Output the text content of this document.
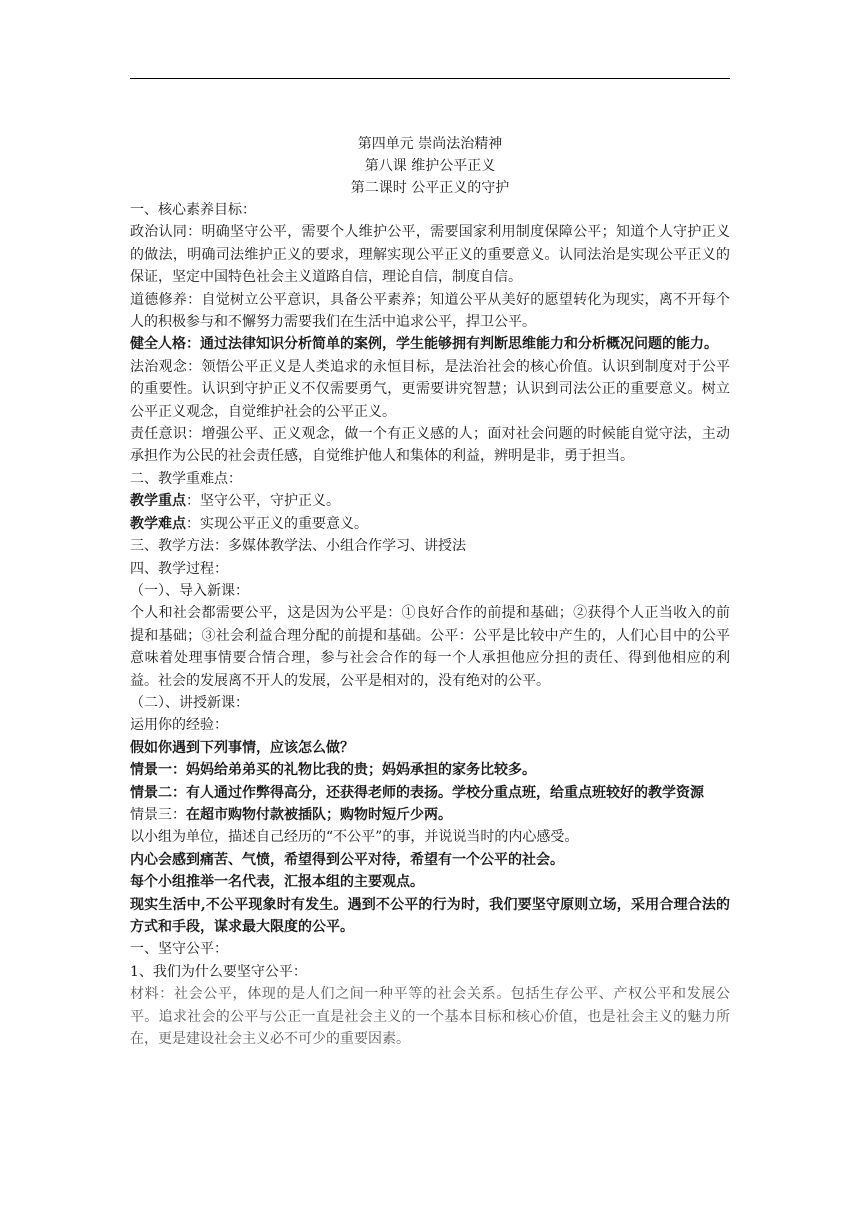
第四单元 崇尚法治精神

第八课 维护公平正义

第二课时 公平正义的守护

一、核心素养目标：

政治认同：明确坚守公平，需要个人维护公平，需要国家利用制度保障公平；知道个人守护正义的做法，明确司法维护正义的要求，理解实现公平正义的重要意义。认同法治是实现公平正义的保证，坚定中国特色社会主义道路自信，理论自信，制度自信。

道德修养：自觉树立公平意识，具备公平素养；知道公平从美好的愿望转化为现实，离不开每个人的积极参与和不懈努力需要我们在生活中追求公平，捍卫公平。

健全人格：通过法律知识分析简单的案例，学生能够拥有判断思维能力和分析概况问题的能力。

法治观念：领悟公平正义是人类追求的永恒目标，是法治社会的核心价值。认识到制度对于公平的重要性。认识到守护正义不仅需要勇气，更需要讲究智慧；认识到司法公正的重要意义。树立公平正义观念，自觉维护社会的公平正义。

责任意识：增强公平、正义观念，做一个有正义感的人；面对社会问题的时候能自觉守法，主动承担作为公民的社会责任感，自觉维护他人和集体的利益，辨明是非，勇于担当。

二、教学重难点：

教学重点：坚守公平，守护正义。

教学难点：实现公平正义的重要意义。

三、教学方法：多媒体教学法、小组合作学习、讲授法

四、教学过程：

（一）、导入新课：

个人和社会都需要公平，这是因为公平是：①良好合作的前提和基础；②获得个人正当收入的前提和基础；③社会利益合理分配的前提和基础。公平：公平是比较中产生的，人们心目中的公平意味着处理事情要合情合理，参与社会合作的每一个人承担他应分担的责任、得到他相应的利益。社会的发展离不开人的发展，公平是相对的，没有绝对的公平。

（二）、讲授新课：

运用你的经验：

假如你遇到下列事情，应该怎么做？

情景一：妈妈给弟弟买的礼物比我的贵；妈妈承担的家务比较多。

情景二：有人通过作弊得高分，还获得老师的表扬。学校分重点班，给重点班较好的教学资源

情景三：在超市购物付款被插队；购物时短斤少两。

以小组为单位，描述自己经历的“不公平”的事，并说说当时的内心感受。

内心会感到痛苦、气愤，希望得到公平对待，希望有一个公平的社会。

每个小组推举一名代表，汇报本组的主要观点。

现实生活中,不公平现象时有发生。遇到不公平的行为时，我们要坚守原则立场，采用合理合法的方式和手段，谋求最大限度的公平。

一、坚守公平：

1、我们为什么要坚守公平：

材料：社会公平，体现的是人们之间一种平等的社会关系。包括生存公平、产权公平和发展公平。追求社会的公平与公正一直是社会主义的一个基本目标和核心价值，也是社会主义的魅力所在，更是建设社会主义必不可少的重要因素。
